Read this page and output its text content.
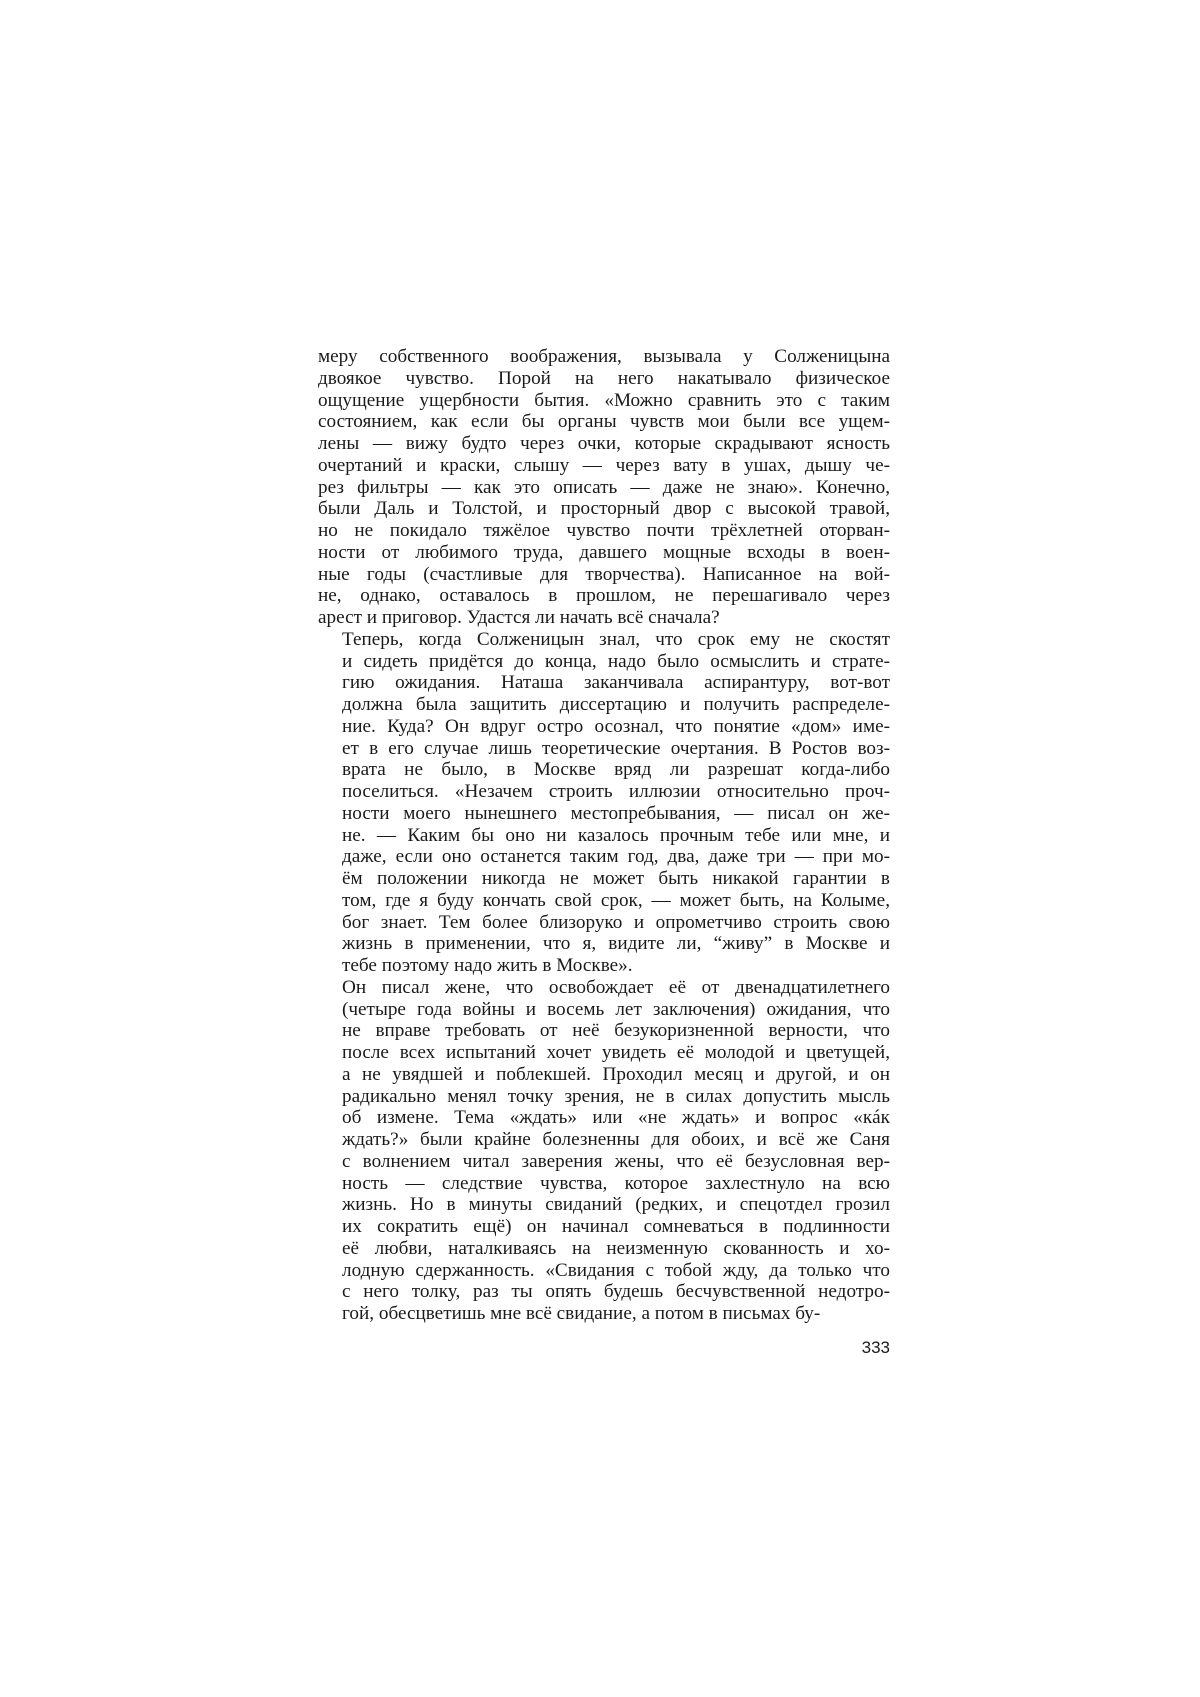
меру собственного воображения, вызывала у Солженицына
двоякое чувство. Порой на него накатывало физическое
ощущение ущербности бытия. «Можно сравнить это с таким
состоянием, как если бы органы чувств мои были все ущем-
лены — вижу будто через очки, которые скрадывают ясность
очертаний и краски, слышу — через вату в ушах, дышу че-
рез фильтры — как это описать — даже не знаю». Конечно,
были Даль и Толстой, и просторный двор с высокой травой,
но не покидало тяжёлое чувство почти трёхлетней оторван-
ности от любимого труда, давшего мощные всходы в воен-
ные годы (счастливые для творчества). Написанное на вой-
не, однако, оставалось в прошлом, не перешагивало через
арест и приговор. Удастся ли начать всё сначала?
Теперь, когда Солженицын знал, что срок ему не скостят
и сидеть придётся до конца, надо было осмыслить и страте-
гию ожидания. Наташа заканчивала аспирантуру, вот-вот
должна была защитить диссертацию и получить распределе-
ние. Куда? Он вдруг остро осознал, что понятие «дом» име-
ет в его случае лишь теоретические очертания. В Ростов воз-
врата не было, в Москве вряд ли разрешат когда-либо
поселиться. «Незачем строить иллюзии относительно проч-
ности моего нынешнего местопребывания, — писал он же-
не. — Каким бы оно ни казалось прочным тебе или мне, и
даже, если оно останется таким год, два, даже три — при мо-
ём положении никогда не может быть никакой гарантии в
том, где я буду кончать свой срок, — может быть, на Колыме,
бог знает. Тем более близоруко и опрометчиво строить свою
жизнь в применении, что я, видите ли, “живу” в Москве и
тебе поэтому надо жить в Москве».
Он писал жене, что освобождает её от двенадцатилетнего
(четыре года войны и восемь лет заключения) ожидания, что
не вправе требовать от неё безукоризненной верности, что
после всех испытаний хочет увидеть её молодой и цветущей,
а не увядшей и поблекшей. Проходил месяц и другой, и он
радикально менял точку зрения, не в силах допустить мысль
об измене. Тема «ждать» или «не ждать» и вопрос «кáк
ждать?» были крайне болезненны для обоих, и всё же Саня
с волнением читал заверения жены, что её безусловная вер-
ность — следствие чувства, которое захлестнуло на всю
жизнь. Но в минуты свиданий (редких, и спецотдел грозил
их сократить ещё) он начинал сомневаться в подлинности
её любви, наталкиваясь на неизменную скованность и хо-
лодную сдержанность. «Свидания с тобой жду, да только что
с него толку, раз ты опять будешь бесчувственной недотро-
гой, обесцветишь мне всё свидание, а потом в письмах бу-
333
